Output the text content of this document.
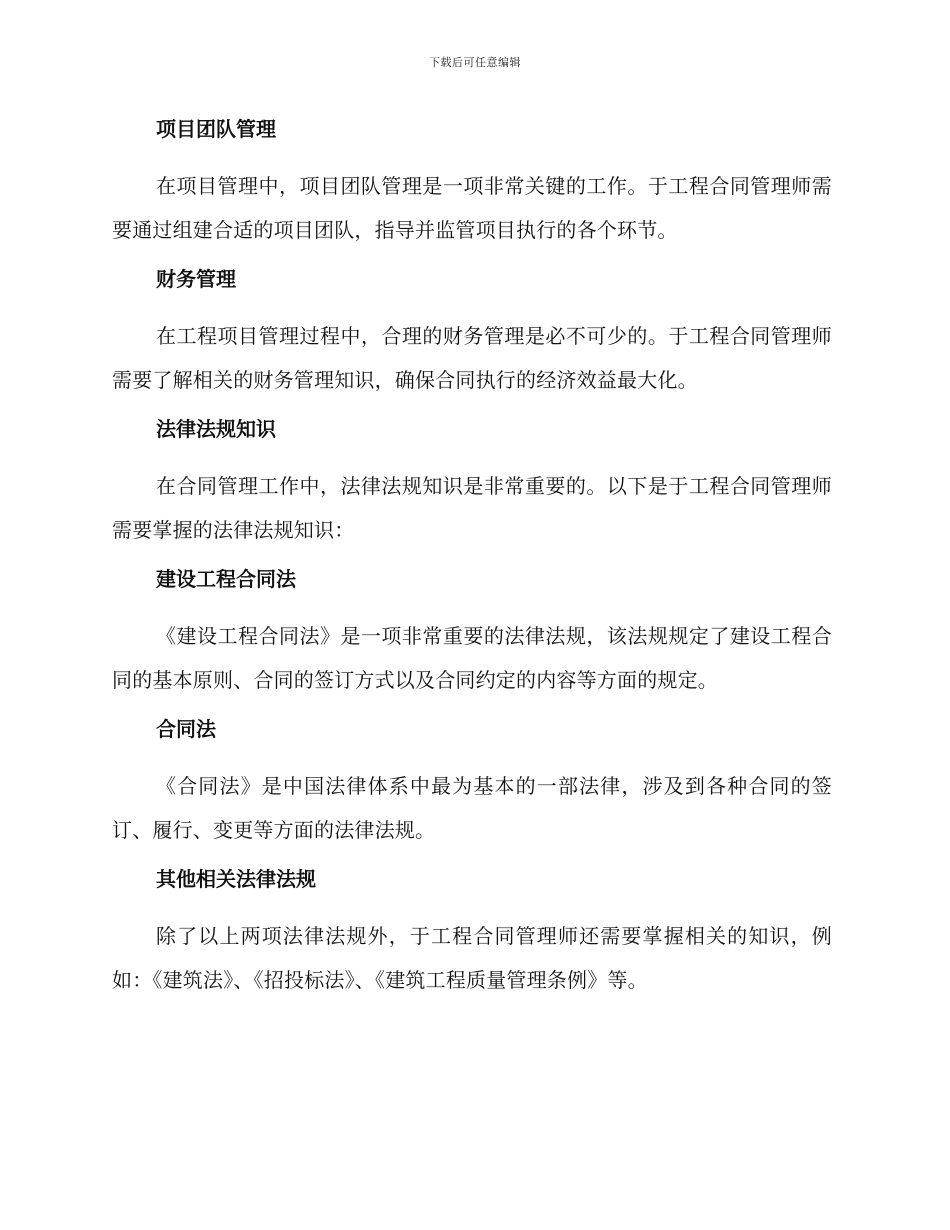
下载后可任意编辑
项目团队管理

在项目管理中，项目团队管理是一项非常关键的工作。于工程合同管理师需要通过组建合适的项目团队，指导并监管项目执行的各个环节。

财务管理

在工程项目管理过程中，合理的财务管理是必不可少的。于工程合同管理师需要了解相关的财务管理知识，确保合同执行的经济效益最大化。

法律法规知识

在合同管理工作中，法律法规知识是非常重要的。以下是于工程合同管理师需要掌握的法律法规知识：

建设工程合同法

《建设工程合同法》是一项非常重要的法律法规，该法规规定了建设工程合同的基本原则、合同的签订方式以及合同约定的内容等方面的规定。

合同法

《合同法》是中国法律体系中最为基本的一部法律，涉及到各种合同的签订、履行、变更等方面的法律法规。

其他相关法律法规

除了以上两项法律法规外，于工程合同管理师还需要掌握相关的知识，例如：《建筑法》、《招投标法》、《建筑工程质量管理条例》等。
